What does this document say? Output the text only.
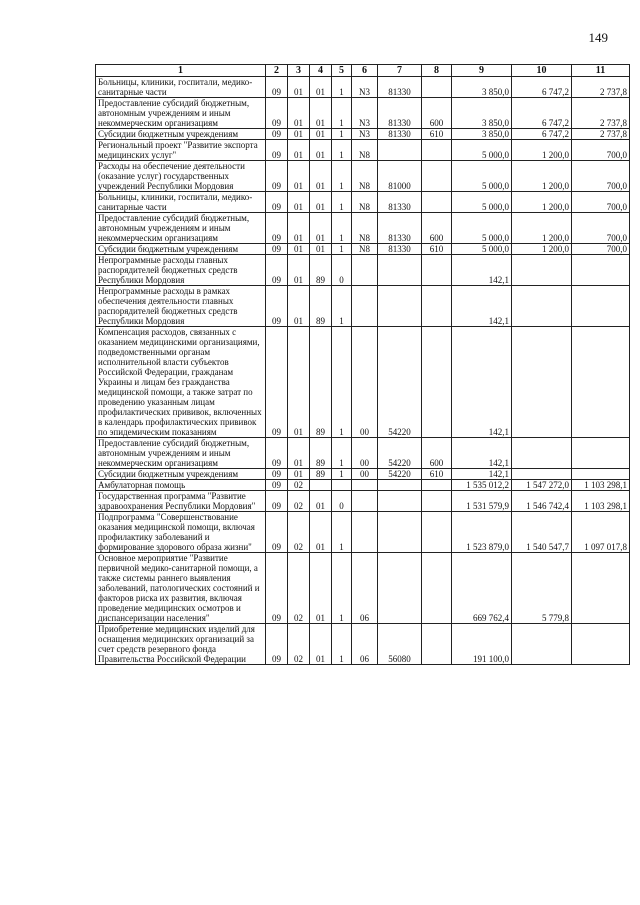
149
1	2	3	4	5	6	7	8	9	10	11
Больницы, клиники, госпитали, медико-санитарные части	09	01	01	1	N3	81330		3 850,0	6 747,2	2 737,8
Предоставление субсидий бюджетным, автономным учреждениям и иным некоммерческим организациям	09	01	01	1	N3	81330	600	3 850,0	6 747,2	2 737,8
Субсидии бюджетным учреждениям	09	01	01	1	N3	81330	610	3 850,0	6 747,2	2 737,8
Региональный проект "Развитие экспорта медицинских услуг"	09	01	01	1	N8			5 000,0	1 200,0	700,0
Расходы на обеспечение деятельности (оказание услуг) государственных учреждений Республики Мордовия	09	01	01	1	N8	81000		5 000,0	1 200,0	700,0
Больницы, клиники, госпитали, медико-санитарные части	09	01	01	1	N8	81330		5 000,0	1 200,0	700,0
Предоставление субсидий бюджетным, автономным учреждениям и иным некоммерческим организациям	09	01	01	1	N8	81330	600	5 000,0	1 200,0	700,0
Субсидии бюджетным учреждениям	09	01	01	1	N8	81330	610	5 000,0	1 200,0	700,0
Непрограммные расходы главных распорядителей бюджетных средств Республики Мордовия	09	01	89	0				142,1		
Непрограммные расходы в рамках обеспечения деятельности главных распорядителей бюджетных средств Республики Мордовия	09	01	89	1				142,1		
Компенсация расходов, связанных с оказанием медицинскими организациями, подведомственными органам исполнительной власти субъектов Российской Федерации, гражданам Украины и лицам без гражданства медицинской помощи, а также затрат по проведению указанным лицам профилактических прививок, включенных в календарь профилактических прививок по эпидемическим показаниям	09	01	89	1	00	54220		142,1		
Предоставление субсидий бюджетным, автономным учреждениям и иным некоммерческим организациям	09	01	89	1	00	54220	600	142,1		
Субсидии бюджетным учреждениям	09	01	89	1	00	54220	610	142,1		
Амбулаторная помощь	09	02						1 535 012,2	1 547 272,0	1 103 298,1
Государственная программа "Развитие здравоохранения Республики Мордовия"	09	02	01	0				1 531 579,9	1 546 742,4	1 103 298,1
Подпрограмма "Совершенствование оказания медицинской помощи, включая профилактику заболеваний и формирование здорового образа жизни"	09	02	01	1				1 523 879,0	1 540 547,7	1 097 017,8
Основное мероприятие "Развитие первичной медико-санитарной помощи, а также системы раннего выявления заболеваний, патологических состояний и факторов риска их развития, включая проведение медицинских осмотров и диспансеризации населения"	09	02	01	1	06			669 762,4	5 779,8	
Приобретение медицинских изделий для оснащения медицинских организаций за счет средств резервного фонда Правительства Российской Федерации	09	02	01	1	06	56080		191 100,0		
